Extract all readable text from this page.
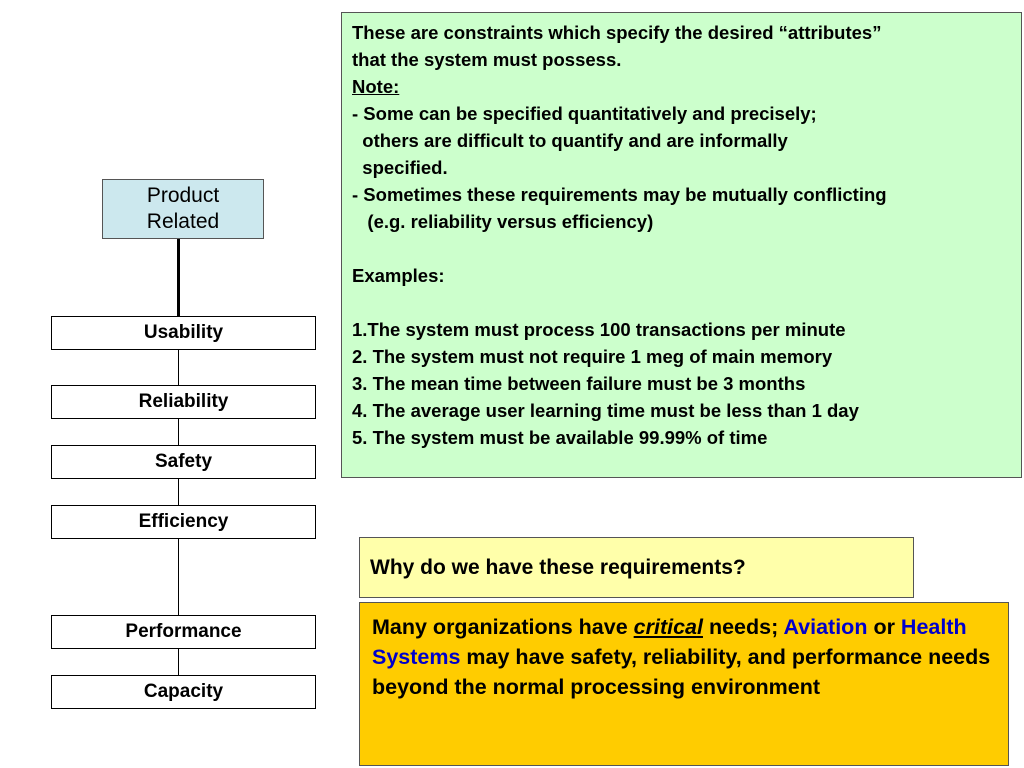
Product
Related
Usability
Reliability
Safety
Efficiency
Performance
Capacity

These are constraints which specify the desired “attributes”

that the system must possess.

Note:

- Some can be specified quantitatively and precisely;

others are difficult to quantify and are informally

specified.

- Sometimes these requirements may be mutually conflicting

(e.g. reliability versus efficiency)

Examples:

1.The system must process 100 transactions per minute

2. The system must not require 1 meg of main memory

3. The mean time between failure must be 3 months

4. The average user learning time must be less than 1 day

5. The system must be available 99.99% of time

Why do we have these requirements?
Many organizations have critical needs; Aviation or Health Systems may have safety, reliability, and performance needs beyond the normal processing environment
